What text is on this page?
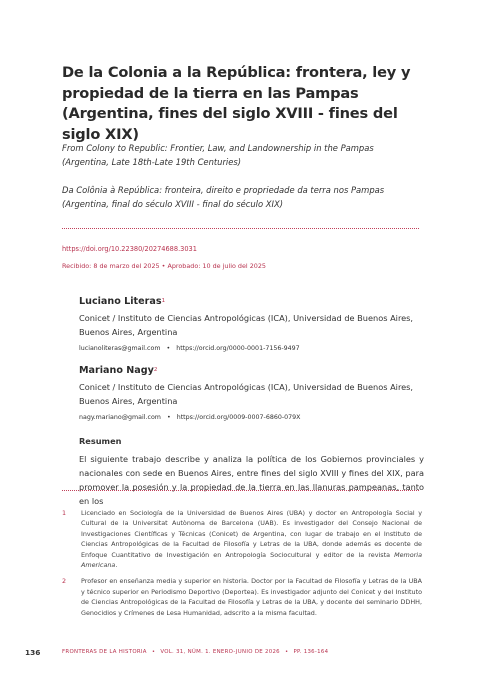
De la Colonia a la República: frontera, ley y propiedad de la tierra en las Pampas (Argentina, fines del siglo XVIII - fines del siglo XIX)

From Colony to Republic: Frontier, Law, and Landownership in the Pampas (Argentina, Late 18th-Late 19th Centuries)

Da Colônia à República: fronteira, direito e propriedade da terra nos Pampas (Argentina, final do século XVIII - final do século XIX)

https://doi.org/10.22380/20274688.3031
Recibido: 8 de marzo del 2025 • Aprobado: 10 de julio del 2025
Luciano Literas$^1$
Conicet / Instituto de Ciencias Antropológicas (ICA), Universidad de Buenos Aires, Buenos Aires, Argentina
lucianoliteras@gmail.com • https://orcid.org/0000-0001-7156-9497
Mariano Nagy$^2$
Conicet / Instituto de Ciencias Antropológicas (ICA), Universidad de Buenos Aires, Buenos Aires, Argentina
nagy.mariano@gmail.com • https://orcid.org/0009-0007-6860-079X
Resumen

El siguiente trabajo describe y analiza la política de los Gobiernos provinciales y nacionales con sede en Buenos Aires, entre fines del siglo XVIII y fines del XIX, para promover la posesión y la propiedad de la tierra en las llanuras pampeanas, tanto en los

1 Licenciado en Sociología de la Universidad de Buenos Aires (UBA) y doctor en Antropología Social y Cultural de la Universitat Autònoma de Barcelona (UAB). Es investigador del Consejo Nacional de Investigaciones Científicas y Técnicas (Conicet) de Argentina, con lugar de trabajo en el Instituto de Ciencias Antropológicas de la Facultad de Filosofía y Letras de la UBA, donde además es docente de Enfoque Cuantitativo de Investigación en Antropología Sociocultural y editor de la revista Memoria Americana.

2 Profesor en enseñanza media y superior en historia. Doctor por la Facultad de Filosofía y Letras de la UBA y técnico superior en Periodismo Deportivo (Deportea). Es investigador adjunto del Conicet y del Instituto de Ciencias Antropológicas de la Facultad de Filosofía y Letras de la UBA, y docente del seminario DDHH, Genocidios y Crímenes de Lesa Humanidad, adscrito a la misma facultad.

136	FRONTERAS DE LA HISTORIA • VOL. 31, NÚM. 1. ENERO-JUNIO DE 2026 • PP. 136-164
